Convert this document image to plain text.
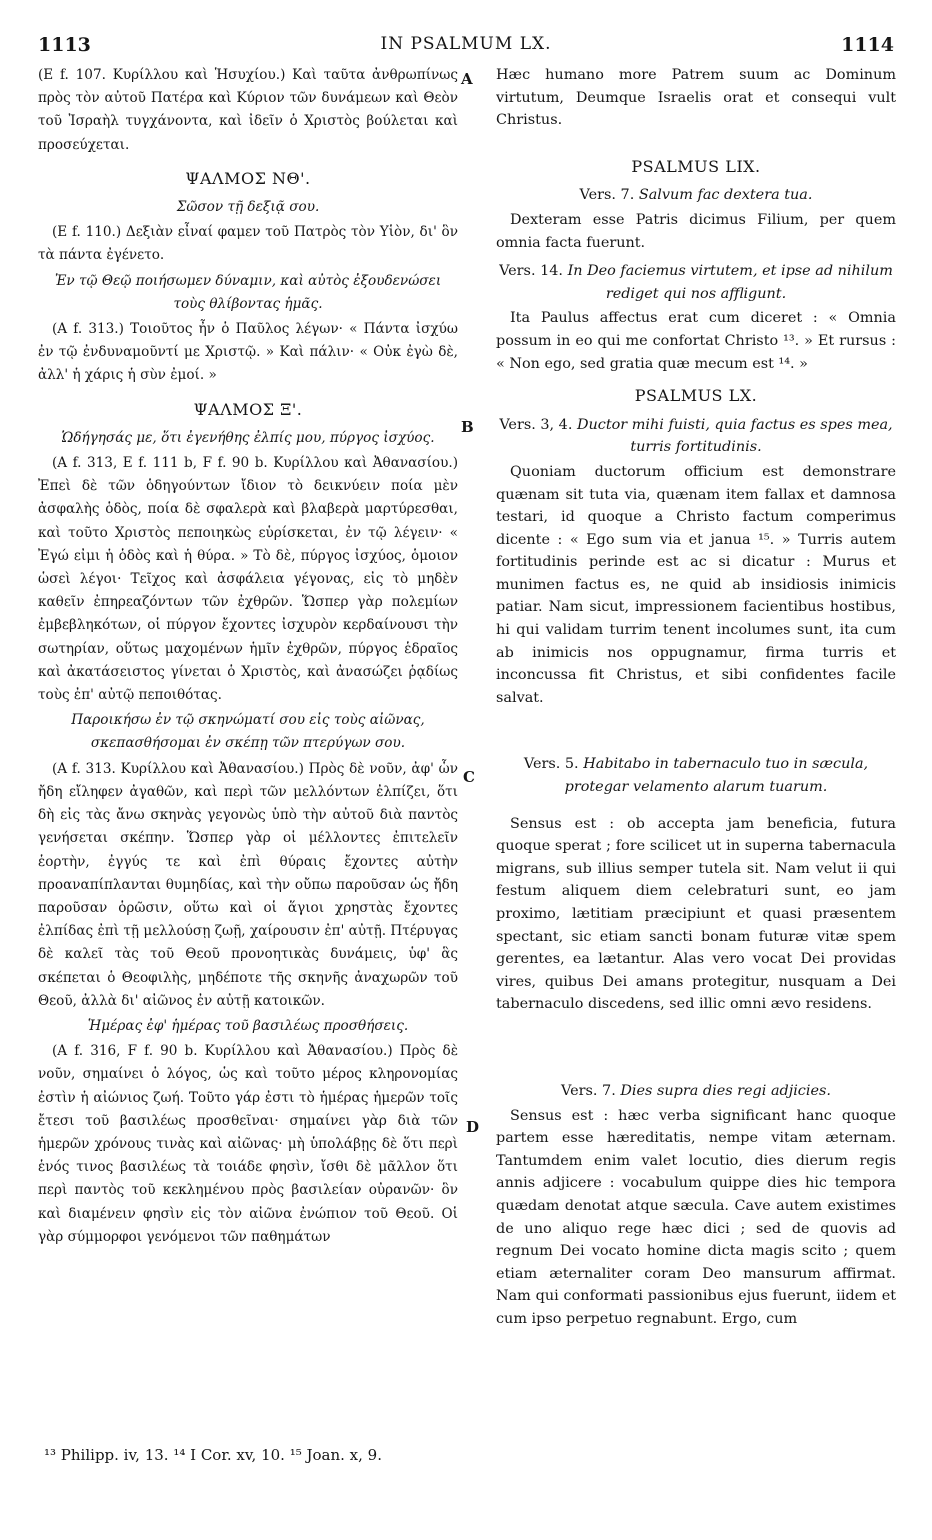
1113	IN PSALMUM LX.	1114

(E f. 107. Κυρίλλου καὶ Ἡσυχίου.) Καὶ ταῦτα ἀνθρωπίνως πρὸς τὸν αὐτοῦ Πατέρα καὶ Κύριον τῶν δυνάμεων καὶ Θεὸν τοῦ Ἰσραὴλ τυγχάνοντα, καὶ ἰδεῖν ὁ Χριστὸς βούλεται καὶ προσεύχεται.

ΨΑΛΜΟΣ ΝΘ'.

Σῶσον τῇ δεξιᾷ σου.

(E f. 110.) Δεξιὰν εἶναί φαμεν τοῦ Πατρὸς τὸν Υἱὸν, δι' ὃν τὰ πάντα ἐγένετο.

Ἐν τῷ Θεῷ ποιήσωμεν δύναμιν, καὶ αὐτὸς ἐξουδενώσει τοὺς θλίβοντας ἡμᾶς.

(A f. 313.) Τοιοῦτος ἦν ὁ Παῦλος λέγων· « Πάντα ἰσχύω ἐν τῷ ἐνδυναμοῦντί με Χριστῷ. » Καὶ πάλιν· « Οὐκ ἐγὼ δὲ, ἀλλ' ἡ χάρις ἡ σὺν ἐμοί. »

ΨΑΛΜΟΣ Ξ'.

Ὡδήγησάς με, ὅτι ἐγενήθης ἐλπίς μου, πύργος ἰσχύος.

(A f. 313, E f. 111 b, F f. 90 b. Κυρίλλου καὶ Ἀθανασίου.) Ἐπεὶ δὲ τῶν ὁδηγούντων ἴδιον τὸ δεικνύειν ποία μὲν ἀσφαλὴς ὁδὸς, ποία δὲ σφαλερὰ καὶ βλαβερὰ μαρτύρεσθαι, καὶ τοῦτο Χριστὸς πεποιηκὼς εὑρίσκεται, ἐν τῷ λέγειν· « Ἐγώ εἰμι ἡ ὁδὸς καὶ ἡ θύρα. » Τὸ δὲ, πύργος ἰσχύος, ὁμοιον ὡσεὶ λέγοι· Τεῖχος καὶ ἀσφάλεια γέγονας, εἰς τὸ μηδὲν καθεῖν ἐπηρεαζόντων τῶν ἐχθρῶν. Ὥσπερ γὰρ πολεμίων ἐμβεβληκότων, οἱ πύργον ἔχοντες ἰσχυρὸν κερδαίνουσι τὴν σωτηρίαν, οὕτως μαχομένων ἡμῖν ἐχθρῶν, πύργος ἑδραῖος καὶ ἀκατάσειστος γίνεται ὁ Χριστὸς, καὶ ἀνασώζει ῥᾳδίως τοὺς ἐπ' αὐτῷ πεποιθότας.

Παροικήσω ἐν τῷ σκηνώματί σου εἰς τοὺς αἰῶνας, σκεπασθήσομαι ἐν σκέπῃ τῶν πτερύγων σου.

(A f. 313. Κυρίλλου καὶ Ἀθανασίου.) Πρὸς δὲ νοῦν, ἀφ' ὧν ἤδη εἴληφεν ἀγαθῶν, καὶ περὶ τῶν μελλόντων ἐλπίζει, ὅτι δὴ εἰς τὰς ἄνω σκηνὰς γεγονὼς ὑπὸ τὴν αὐτοῦ διὰ παντὸς γενήσεται σκέπην. Ὥσπερ γὰρ οἱ μέλλοντες ἐπιτελεῖν ἑορτὴν, ἐγγύς τε καὶ ἐπὶ θύραις ἔχοντες αὐτὴν προαναπίπλανται θυμηδίας, καὶ τὴν οὔπω παροῦσαν ὡς ἤδη παροῦσαν ὁρῶσιν, οὕτω καὶ οἱ ἅγιοι χρηστὰς ἔχοντες ἐλπίδας ἐπὶ τῇ μελλούσῃ ζωῇ, χαίρουσιν ἐπ' αὐτῇ. Πτέρυγας δὲ καλεῖ τὰς τοῦ Θεοῦ προνοητικὰς δυνάμεις, ὑφ' ἃς σκέπεται ὁ Θεοφιλὴς, μηδέποτε τῆς σκηνῆς ἀναχωρῶν τοῦ Θεοῦ, ἀλλὰ δι' αἰῶνος ἐν αὐτῇ κατοικῶν.

Ἡμέρας ἐφ' ἡμέρας τοῦ βασιλέως προσθήσεις.

(A f. 316, F f. 90 b. Κυρίλλου καὶ Ἀθανασίου.) Πρὸς δὲ νοῦν, σημαίνει ὁ λόγος, ὡς καὶ τοῦτο μέρος κληρονομίας ἐστὶν ἡ αἰώνιος ζωή. Τοῦτο γάρ ἐστι τὸ ἡμέρας ἡμερῶν τοῖς ἔτεσι τοῦ βασιλέως προσθεῖναι· σημαίνει γὰρ διὰ τῶν ἡμερῶν χρόνους τινὰς καὶ αἰῶνας· μὴ ὑπολάβῃς δὲ ὅτι περὶ ἑνός τινος βασιλέως τὰ τοιάδε φησὶν, ἴσθι δὲ μᾶλλον ὅτι περὶ παντὸς τοῦ κεκλημένου πρὸς βασιλείαν οὐρανῶν· ὃν καὶ διαμένειν φησὶν εἰς τὸν αἰῶνα ἐνώπιον τοῦ Θεοῦ. Οἱ γὰρ σύμμορφοι γενόμενοι τῶν παθημάτων

A
B
C
D

Hæc humano more Patrem suum ac Dominum virtutum, Deumque Israelis orat et consequi vult Christus.

PSALMUS LIX.

Vers. 7. Salvum fac dextera tua.

Dexteram esse Patris dicimus Filium, per quem omnia facta fuerunt.

Vers. 14. In Deo faciemus virtutem, et ipse ad nihilum rediget qui nos affligunt.

Ita Paulus affectus erat cum diceret : « Omnia possum in eo qui me confortat Christo ¹³. » Et rursus : « Non ego, sed gratia quæ mecum est ¹⁴. »

PSALMUS LX.

Vers. 3, 4. Ductor mihi fuisti, quia factus es spes mea, turris fortitudinis.

Quoniam ductorum officium est demonstrare quænam sit tuta via, quænam item fallax et damnosa testari, id quoque a Christo factum comperimus dicente : « Ego sum via et janua ¹⁵. » Turris autem fortitudinis perinde est ac si dicatur : Murus et munimen factus es, ne quid ab insidiosis inimicis patiar. Nam sicut, impressionem facientibus hostibus, hi qui validam turrim tenent incolumes sunt, ita cum ab inimicis nos oppugnamur, firma turris et inconcussa fit Christus, et sibi confidentes facile salvat.

Vers. 5. Habitabo in tabernaculo tuo in sæcula, protegar velamento alarum tuarum.

Sensus est : ob accepta jam beneficia, futura quoque sperat ; fore scilicet ut in superna tabernacula migrans, sub illius semper tutela sit. Nam velut ii qui festum aliquem diem celebraturi sunt, eo jam proximo, lætitiam præcipiunt et quasi præsentem spectant, sic etiam sancti bonam futuræ vitæ spem gerentes, ea lætantur. Alas vero vocat Dei providas vires, quibus Dei amans protegitur, nusquam a Dei tabernaculo discedens, sed illic omni ævo residens.

Vers. 7. Dies supra dies regi adjicies.

Sensus est : hæc verba significant hanc quoque partem esse hæreditatis, nempe vitam æternam. Tantumdem enim valet locutio, dies dierum regis annis adjicere : vocabulum quippe dies hic tempora quædam denotat atque sæcula. Cave autem existimes de uno aliquo rege hæc dici ; sed de quovis ad regnum Dei vocato homine dicta magis scito ; quem etiam æternaliter coram Deo mansurum affirmat. Nam qui conformati passionibus ejus fuerunt, iidem et cum ipso perpetuo regnabunt. Ergo, cum

¹³ Philipp. iv, 13. ¹⁴ I Cor. xv, 10. ¹⁵ Joan. x, 9.
